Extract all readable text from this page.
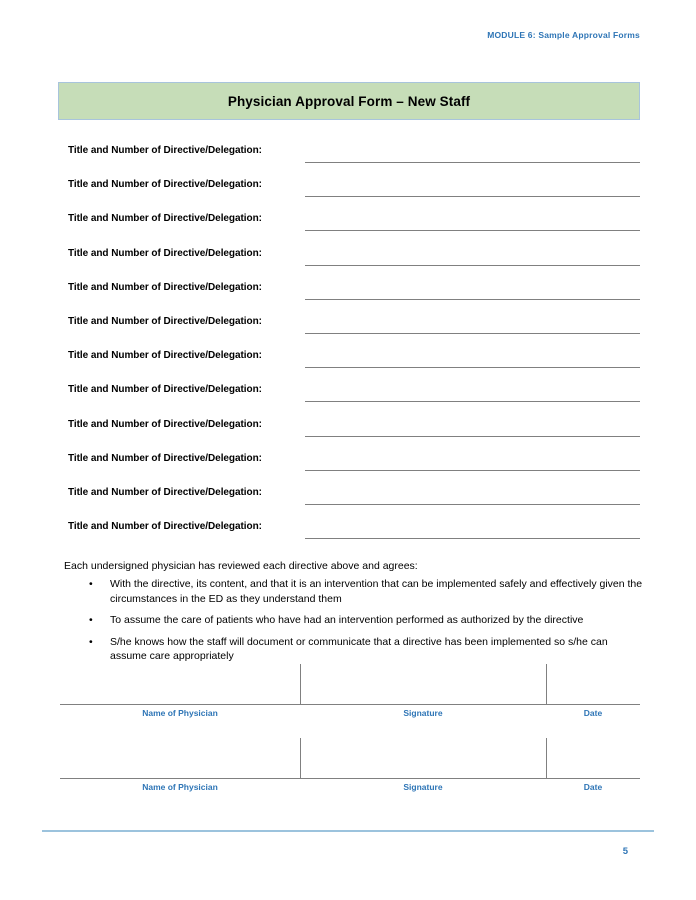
MODULE 6: Sample Approval Forms
Physician Approval Form – New Staff
Title and Number of Directive/Delegation:
Title and Number of Directive/Delegation:
Title and Number of Directive/Delegation:
Title and Number of Directive/Delegation:
Title and Number of Directive/Delegation:
Title and Number of Directive/Delegation:
Title and Number of Directive/Delegation:
Title and Number of Directive/Delegation:
Title and Number of Directive/Delegation:
Title and Number of Directive/Delegation:
Title and Number of Directive/Delegation:
Title and Number of Directive/Delegation:
Each undersigned physician has reviewed each directive above and agrees:
• With the directive, its content, and that it is an intervention that can be implemented safely and effectively given the circumstances in the ED as they understand them
• To assume the care of patients who have had an intervention performed as authorized by the directive
• S/he knows how the staff will document or communicate that a directive has been implemented so s/he can assume care appropriately
Name of Physician	Signature	Date
Name of Physician	Signature	Date
5
